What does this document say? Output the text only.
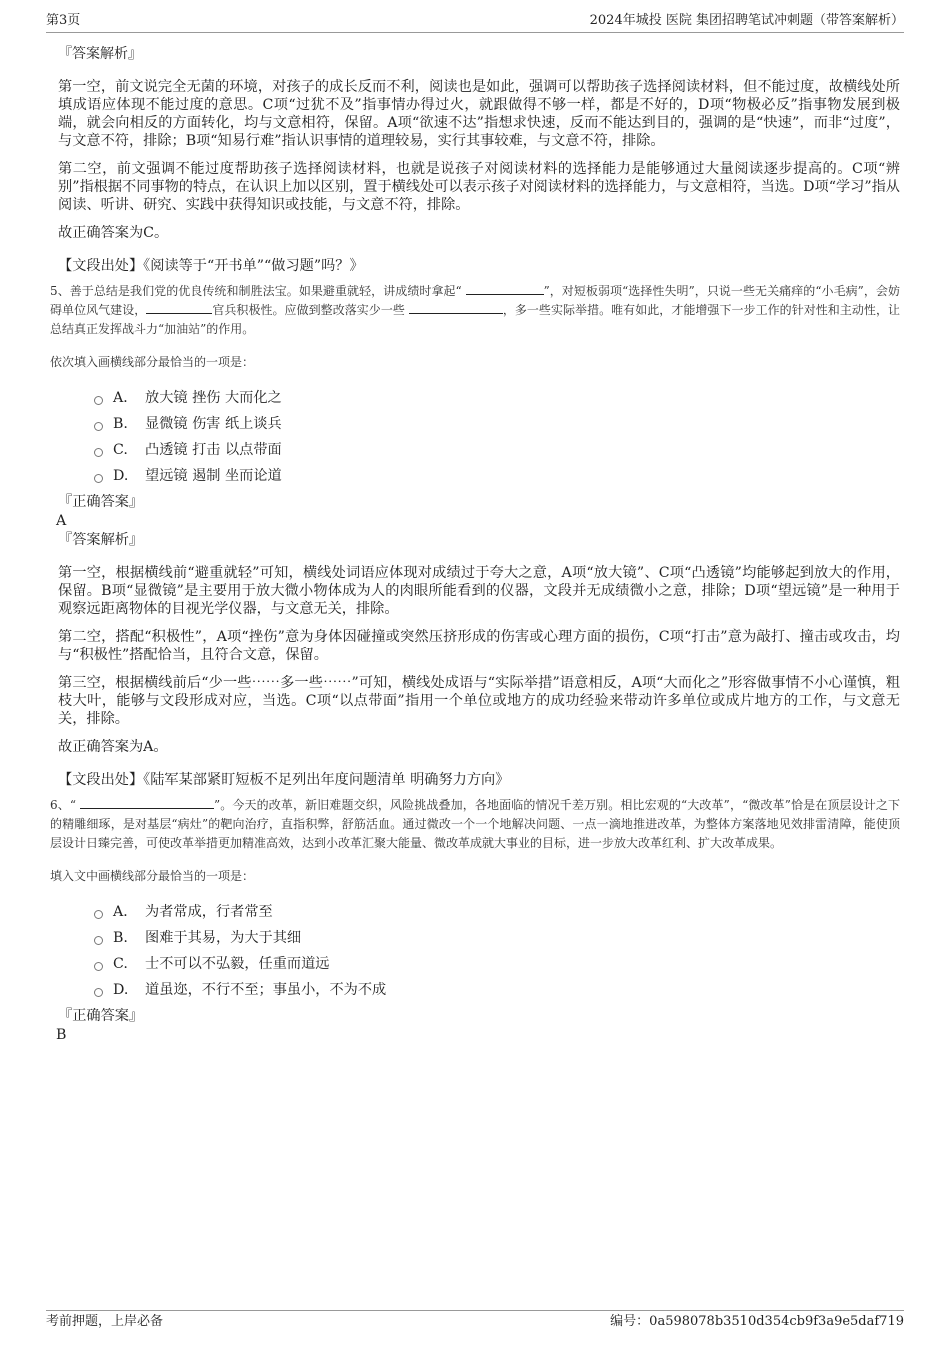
第3页	2024年城投 医院 集团招聘笔试冲刺题（带答案解析）
『答案解析』

第一空，前文说完全无菌的环境，对孩子的成长反而不利，阅读也是如此，强调可以帮助孩子选择阅读材料，但不能过度，故横线处所填成语应体现不能过度的意思。C项“过犹不及”指事情办得过火，就跟做得不够一样，都是不好的，D项“物极必反”指事物发展到极端，就会向相反的方面转化，均与文意相符，保留。A项“欲速不达”指想求快速，反而不能达到目的，强调的是“快速”，而非“过度”，与文意不符，排除；B项“知易行难”指认识事情的道理较易，实行其事较难，与文意不符，排除。

第二空，前文强调不能过度帮助孩子选择阅读材料，也就是说孩子对阅读材料的选择能力是能够通过大量阅读逐步提高的。C项“辨别”指根据不同事物的特点，在认识上加以区别，置于横线处可以表示孩子对阅读材料的选择能力，与文意相符，当选。D项“学习”指从阅读、听讲、研究、实践中获得知识或技能，与文意不符，排除。

故正确答案为C。

【文段出处】《阅读等于“开书单”“做习题”吗？》
5、善于总结是我们党的优良传统和制胜法宝。如果避重就轻，讲成绩时拿起“	”，对短板弱项“选择性失明”，只说一些无关痛痒的“小毛病”，会妨碍单位风气建设，	官兵积极性。应做到整改落实少一些	，多一些实际举措。唯有如此，才能增强下一步工作的针对性和主动性，让总结真正发挥战斗力“加油站”的作用。
依次填入画横线部分最恰当的一项是：
A． 放大镜 挫伤 大而化之
B.	显微镜 伤害 纸上谈兵
C.	凸透镜 打击 以点带面
D.	望远镜 遏制 坐而论道
『正确答案』
A
『答案解析』

第一空，根据横线前“避重就轻”可知，横线处词语应体现对成绩过于夸大之意，A项“放大镜”、C项“凸透镜”均能够起到放大的作用，保留。B项“显微镜”是主要用于放大微小物体成为人的肉眼所能看到的仪器，文段并无成绩微小之意，排除；D项“望远镜”是一种用于观察远距离物体的目视光学仪器，与文意无关，排除。

第二空，搭配“积极性”，A项“挫伤”意为身体因碰撞或突然压挤形成的伤害或心理方面的损伤，C项“打击”意为敲打、撞击或攻击，均与“积极性”搭配恰当，且符合文意，保留。

第三空，根据横线前后“少一些⋯⋯多一些⋯⋯”可知，横线处成语与“实际举措”语意相反，A项“大而化之”形容做事情不小心谨慎，粗枝大叶，能够与文段形成对应，当选。C项“以点带面”指用一个单位或地方的成功经验来带动许多单位或成片地方的工作，与文意无关，排除。

故正确答案为A。

【文段出处】《陆军某部紧盯短板不足列出年度问题清单 明确努力方向》
6、“	”。今天的改革，新旧难题交织，风险挑战叠加，各地面临的情况千差万别。相比宏观的“大改革”，“微改革”恰是在顶层设计之下的精雕细琢，是对基层“病灶”的靶向治疗，直指积弊，舒筋活血。通过微改一个一个地解决问题、一点一滴地推进改革，为整体方案落地见效排雷清障，能使顶层设计日臻完善，可使改革举措更加精准高效，达到小改革汇聚大能量、微改革成就大事业的目标，进一步放大改革红利、扩大改革成果。
填入文中画横线部分最恰当的一项是：
A． 为者常成，行者常至
B.	图难于其易，为大于其细
C.	士不可以不弘毅，任重而道远
D.	道虽迩，不行不至；事虽小，不为不成
『正确答案』
B
考前押题，上岸必备	编号：0a598078b3510d354cb9f3a9e5daf719
